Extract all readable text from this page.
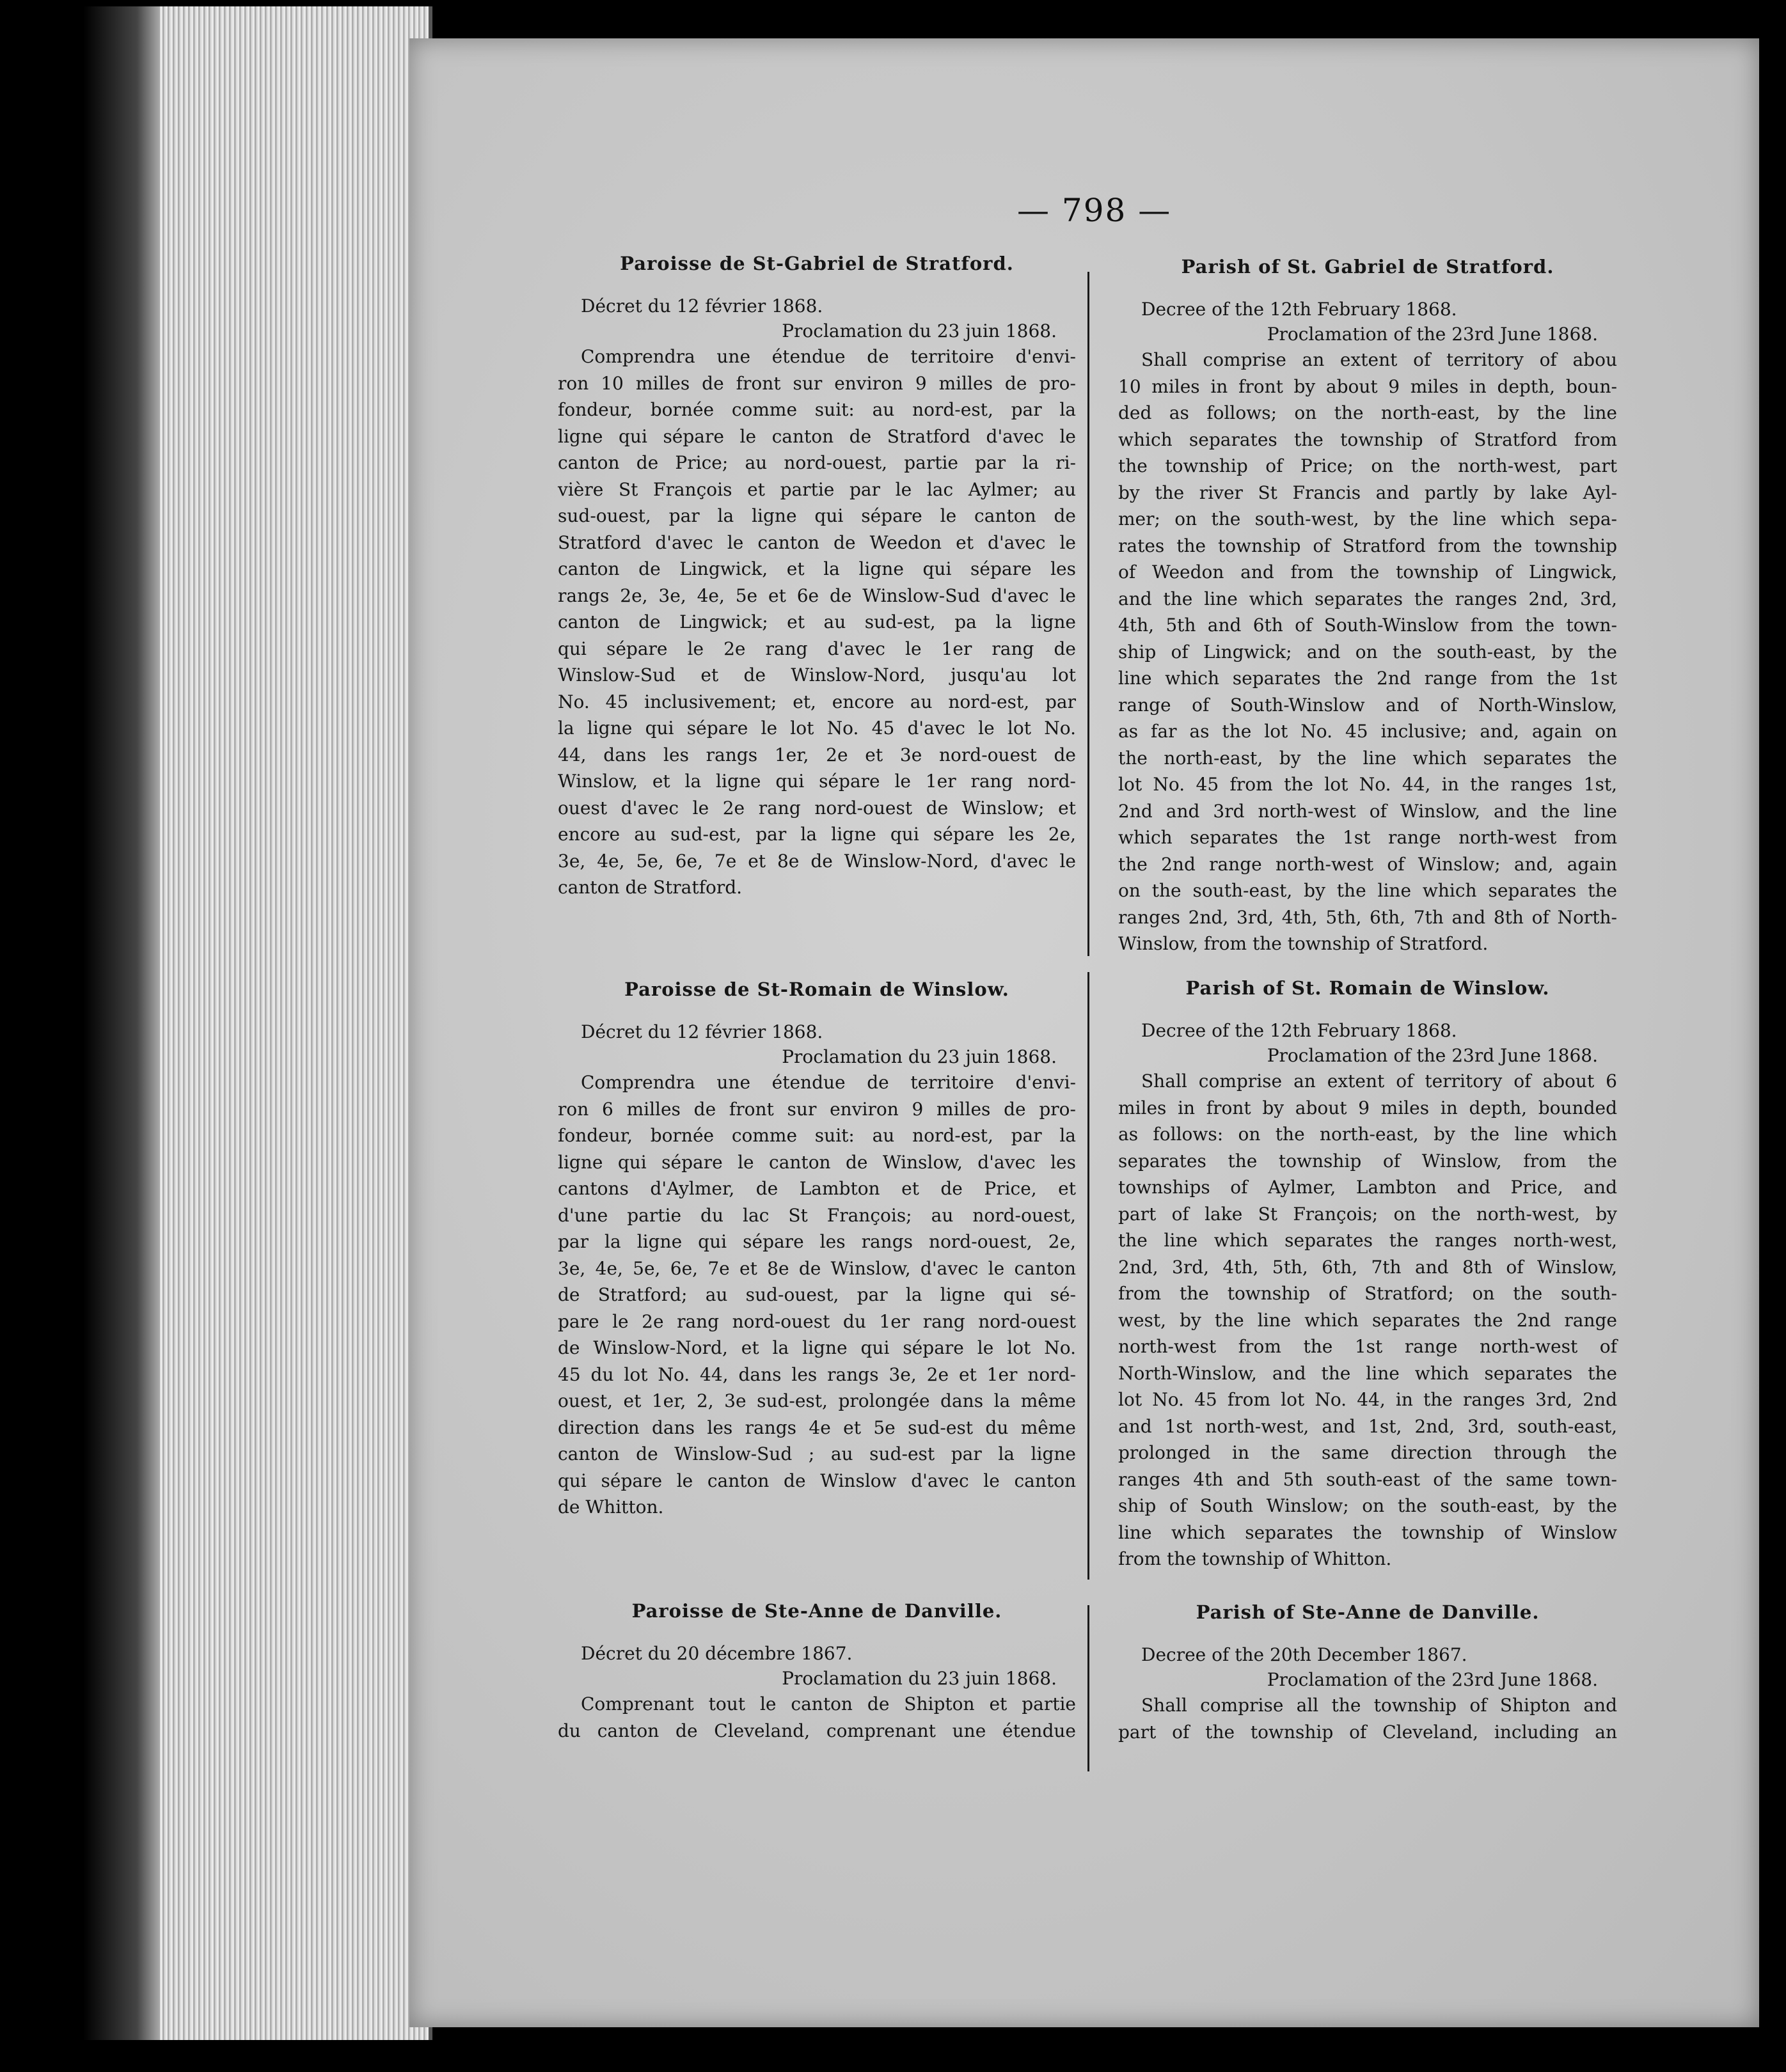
— 798 —
Paroisse de St-Gabriel de Stratford.
Décret du 12 février 1868.
Proclamation du 23 juin 1868.
Comprendra une étendue de territoire d'envi-
ron 10 milles de front sur environ 9 milles de pro-
fondeur, bornée comme suit: au nord-est, par la
ligne qui sépare le canton de Stratford d'avec le
canton de Price; au nord-ouest, partie par la ri-
vière St François et partie par le lac Aylmer; au
sud-ouest, par la ligne qui sépare le canton de
Stratford d'avec le canton de Weedon et d'avec le
canton de Lingwick, et la ligne qui sépare les
rangs 2e, 3e, 4e, 5e et 6e de Winslow-Sud d'avec le
canton de Lingwick; et au sud-est, pa la ligne
qui sépare le 2e rang d'avec le 1er rang de
Winslow-Sud et de Winslow-Nord, jusqu'au lot
No. 45 inclusivement; et, encore au nord-est, par
la ligne qui sépare le lot No. 45 d'avec le lot No.
44, dans les rangs 1er, 2e et 3e nord-ouest de
Winslow, et la ligne qui sépare le 1er rang nord-
ouest d'avec le 2e rang nord-ouest de Winslow; et
encore au sud-est, par la ligne qui sépare les 2e,
3e, 4e, 5e, 6e, 7e et 8e de Winslow-Nord, d'avec le
canton de Stratford.
Paroisse de St-Romain de Winslow.
Décret du 12 février 1868.
Proclamation du 23 juin 1868.
Comprendra une étendue de territoire d'envi-
ron 6 milles de front sur environ 9 milles de pro-
fondeur, bornée comme suit: au nord-est, par la
ligne qui sépare le canton de Winslow, d'avec les
cantons d'Aylmer, de Lambton et de Price, et
d'une partie du lac St François; au nord-ouest,
par la ligne qui sépare les rangs nord-ouest, 2e,
3e, 4e, 5e, 6e, 7e et 8e de Winslow, d'avec le canton
de Stratford; au sud-ouest, par la ligne qui sé-
pare le 2e rang nord-ouest du 1er rang nord-ouest
de Winslow-Nord, et la ligne qui sépare le lot No.
45 du lot No. 44, dans les rangs 3e, 2e et 1er nord-
ouest, et 1er, 2, 3e sud-est, prolongée dans la même
direction dans les rangs 4e et 5e sud-est du même
canton de Winslow-Sud ; au sud-est par la ligne
qui sépare le canton de Winslow d'avec le canton
de Whitton.
Paroisse de Ste-Anne de Danville.
Décret du 20 décembre 1867.
Proclamation du 23 juin 1868.
Comprenant tout le canton de Shipton et partie
du canton de Cleveland, comprenant une étendue
Parish of St. Gabriel de Stratford.
Decree of the 12th February 1868.
Proclamation of the 23rd June 1868.
Shall comprise an extent of territory of abou
10 miles in front by about 9 miles in depth, boun-
ded as follows; on the north-east, by the line
which separates the township of Stratford from
the township of Price; on the north-west, part
by the river St Francis and partly by lake Ayl-
mer; on the south-west, by the line which sepa-
rates the township of Stratford from the township
of Weedon and from the township of Lingwick,
and the line which separates the ranges 2nd, 3rd,
4th, 5th and 6th of South-Winslow from the town-
ship of Lingwick; and on the south-east, by the
line which separates the 2nd range from the 1st
range of South-Winslow and of North-Winslow,
as far as the lot No. 45 inclusive; and, again on
the north-east, by the line which separates the
lot No. 45 from the lot No. 44, in the ranges 1st,
2nd and 3rd north-west of Winslow, and the line
which separates the 1st range north-west from
the 2nd range north-west of Winslow; and, again
on the south-east, by the line which separates the
ranges 2nd, 3rd, 4th, 5th, 6th, 7th and 8th of North-
Winslow, from the township of Stratford.
Parish of St. Romain de Winslow.
Decree of the 12th February 1868.
Proclamation of the 23rd June 1868.
Shall comprise an extent of territory of about 6
miles in front by about 9 miles in depth, bounded
as follows: on the north-east, by the line which
separates the township of Winslow, from the
townships of Aylmer, Lambton and Price, and
part of lake St François; on the north-west, by
the line which separates the ranges north-west,
2nd, 3rd, 4th, 5th, 6th, 7th and 8th of Winslow,
from the township of Stratford; on the south-
west, by the line which separates the 2nd range
north-west from the 1st range north-west of
North-Winslow, and the line which separates the
lot No. 45 from lot No. 44, in the ranges 3rd, 2nd
and 1st north-west, and 1st, 2nd, 3rd, south-east,
prolonged in the same direction through the
ranges 4th and 5th south-east of the same town-
ship of South Winslow; on the south-east, by the
line which separates the township of Winslow
from the township of Whitton.
Parish of Ste-Anne de Danville.
Decree of the 20th December 1867.
Proclamation of the 23rd June 1868.
Shall comprise all the township of Shipton and
part of the township of Cleveland, including an
